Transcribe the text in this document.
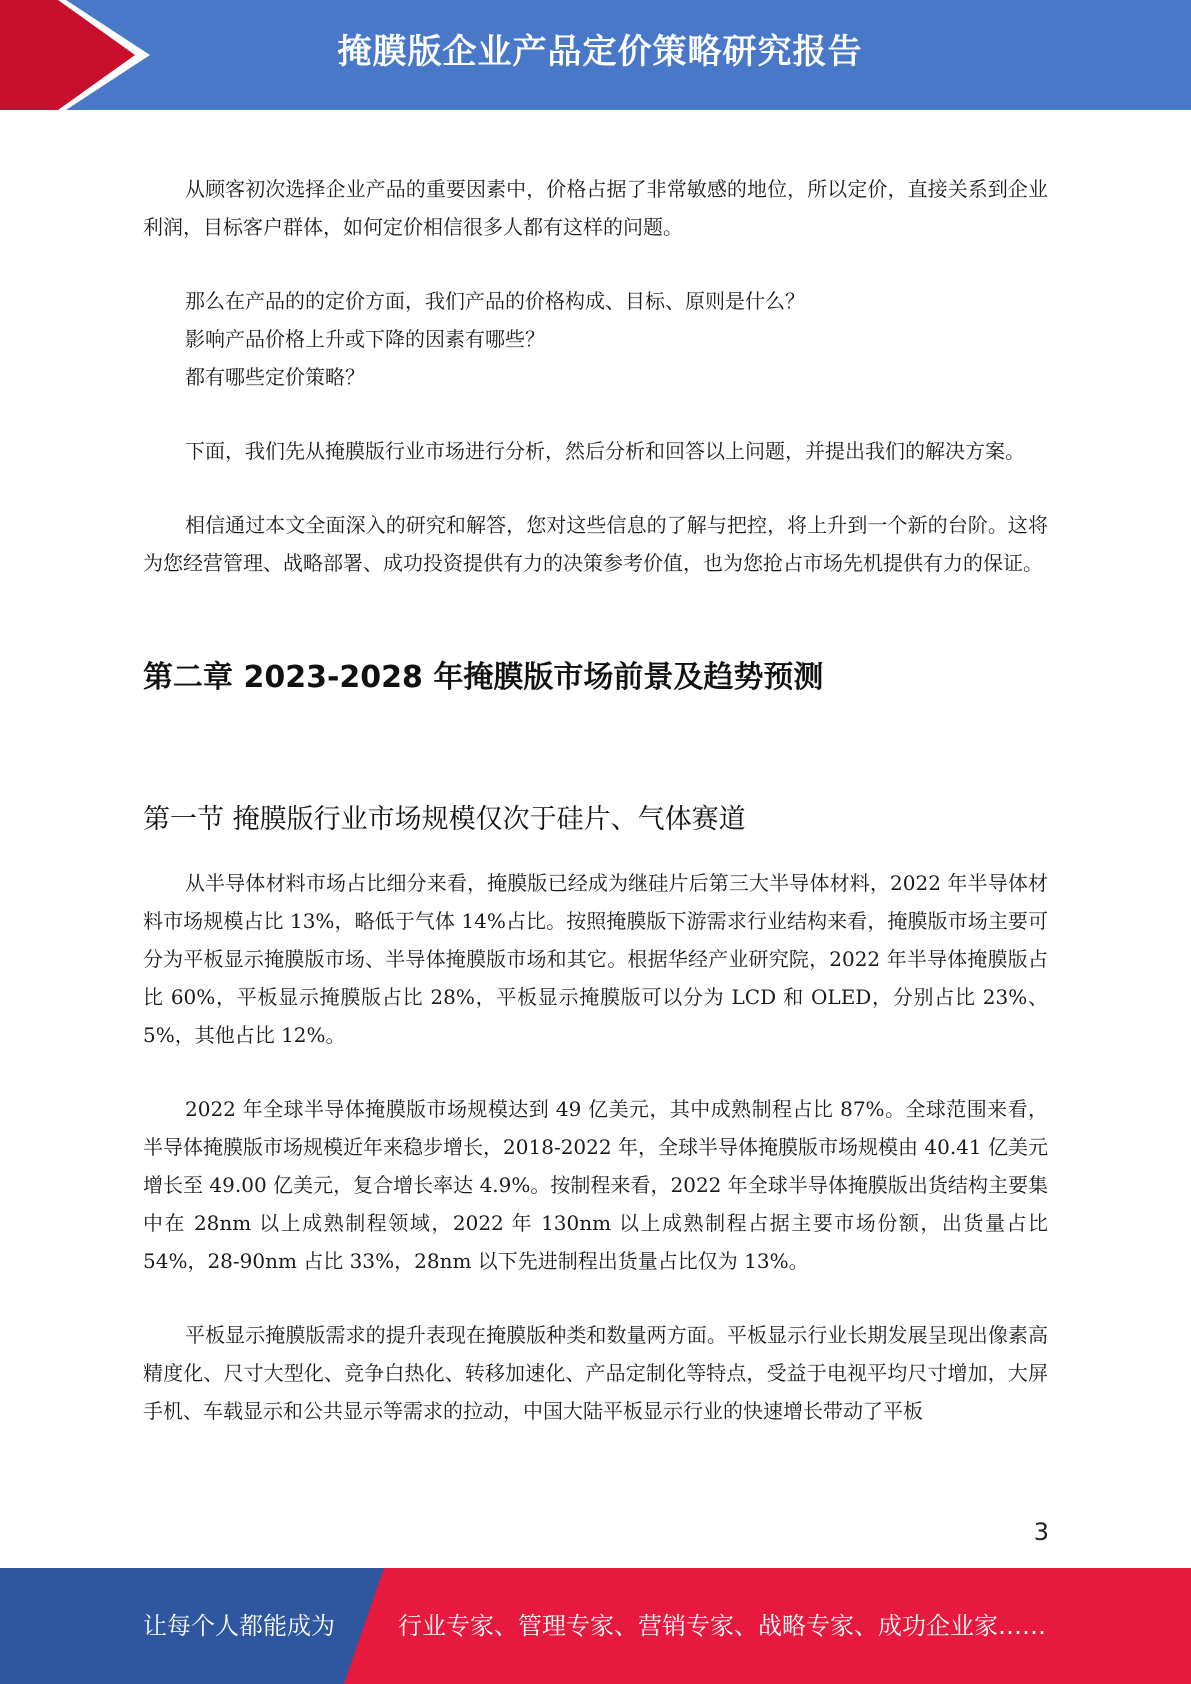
掩膜版企业产品定价策略研究报告

从顾客初次选择企业产品的重要因素中，价格占据了非常敏感的地位，所以定价，直接关系到企业利润，目标客户群体，如何定价相信很多人都有这样的问题。

那么在产品的的定价方面，我们产品的价格构成、目标、原则是什么？

影响产品价格上升或下降的因素有哪些？

都有哪些定价策略？

下面，我们先从掩膜版行业市场进行分析，然后分析和回答以上问题，并提出我们的解决方案。

相信通过本文全面深入的研究和解答，您对这些信息的了解与把控，将上升到一个新的台阶。这将为您经营管理、战略部署、成功投资提供有力的决策参考价值，也为您抢占市场先机提供有力的保证。

第二章 2023-2028 年掩膜版市场前景及趋势预测
第一节 掩膜版行业市场规模仅次于硅片、气体赛道

从半导体材料市场占比细分来看，掩膜版已经成为继硅片后第三大半导体材料，2022 年半导体材料市场规模占比 13%，略低于气体 14%占比。按照掩膜版下游需求行业结构来看，掩膜版市场主要可分为平板显示掩膜版市场、半导体掩膜版市场和其它。根据华经产业研究院，2022 年半导体掩膜版占比 60%，平板显示掩膜版占比 28%，平板显示掩膜版可以分为 LCD 和 OLED，分别占比 23%、5%，其他占比 12%。

2022 年全球半导体掩膜版市场规模达到 49 亿美元，其中成熟制程占比 87%。全球范围来看，半导体掩膜版市场规模近年来稳步增长，2018-2022 年，全球半导体掩膜版市场规模由 40.41 亿美元增长至 49.00 亿美元，复合增长率达 4.9%。按制程来看，2022 年全球半导体掩膜版出货结构主要集中在 28nm 以上成熟制程领域，2022 年 130nm 以上成熟制程占据主要市场份额，出货量占比 54%，28-90nm 占比 33%，28nm 以下先进制程出货量占比仅为 13%。

平板显示掩膜版需求的提升表现在掩膜版种类和数量两方面。平板显示行业长期发展呈现出像素高精度化、尺寸大型化、竞争白热化、转移加速化、产品定制化等特点，受益于电视平均尺寸增加，大屏手机、车载显示和公共显示等需求的拉动，中国大陆平板显示行业的快速增长带动了平板

3
让每个人都能成为	行业专家、管理专家、营销专家、战略专家、成功企业家……
